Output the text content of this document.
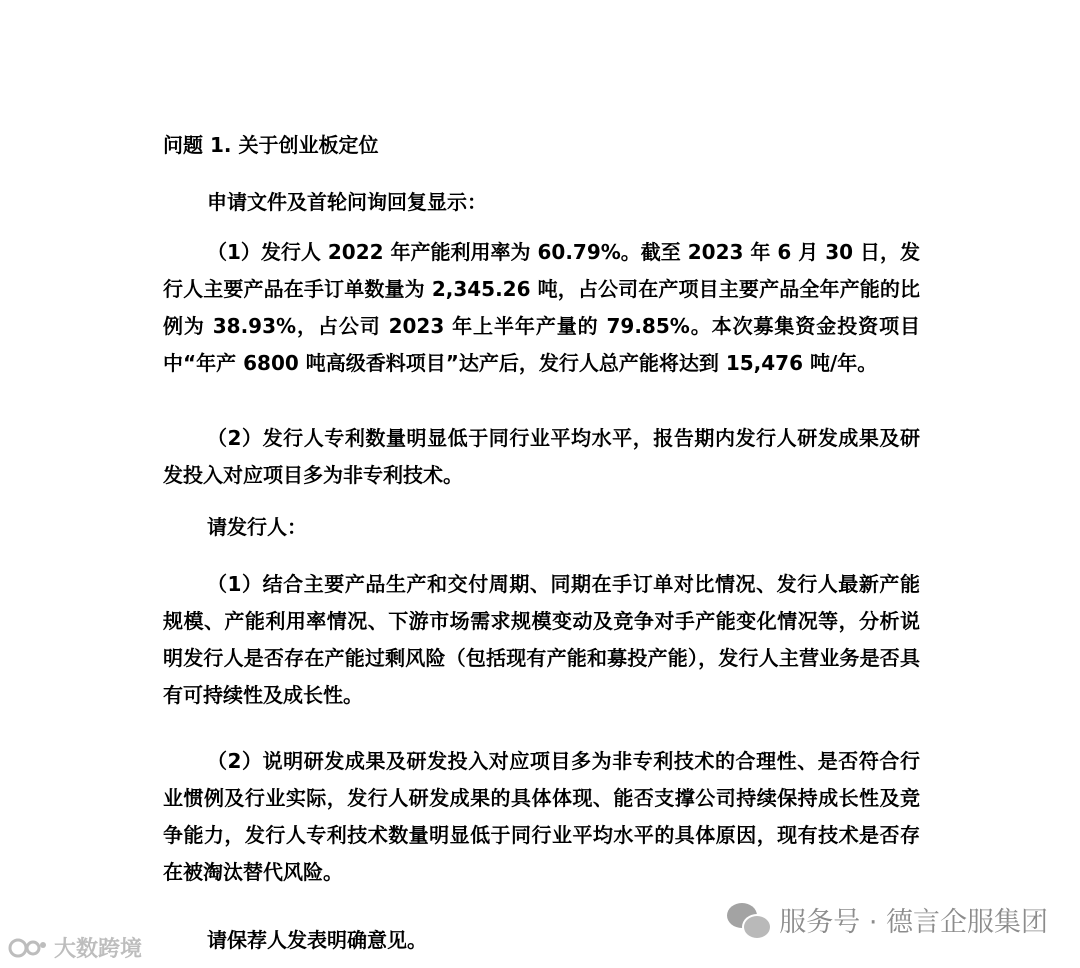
问题 1. 关于创业板定位
申请文件及首轮问询回复显示：
（1）发行人 2022 年产能利用率为 60.79%。截至 2023 年 6 月 30 日，发行人主要产品在手订单数量为 2,345.26 吨，占公司在产项目主要产品全年产能的比例为 38.93%，占公司 2023 年上半年产量的 79.85%。本次募集资金投资项目中“年产 6800 吨高级香料项目”达产后，发行人总产能将达到 15,476 吨/年。
（2）发行人专利数量明显低于同行业平均水平，报告期内发行人研发成果及研发投入对应项目多为非专利技术。
请发行人：
（1）结合主要产品生产和交付周期、同期在手订单对比情况、发行人最新产能规模、产能利用率情况、下游市场需求规模变动及竞争对手产能变化情况等，分析说明发行人是否存在产能过剩风险（包括现有产能和募投产能），发行人主营业务是否具有可持续性及成长性。
（2）说明研发成果及研发投入对应项目多为非专利技术的合理性、是否符合行业惯例及行业实际，发行人研发成果的具体体现、能否支撑公司持续保持成长性及竞争能力，发行人专利技术数量明显低于同行业平均水平的具体原因，现有技术是否存在被淘汰替代风险。
请保荐人发表明确意见。
服务号 · 德言企服集团
大数跨境
